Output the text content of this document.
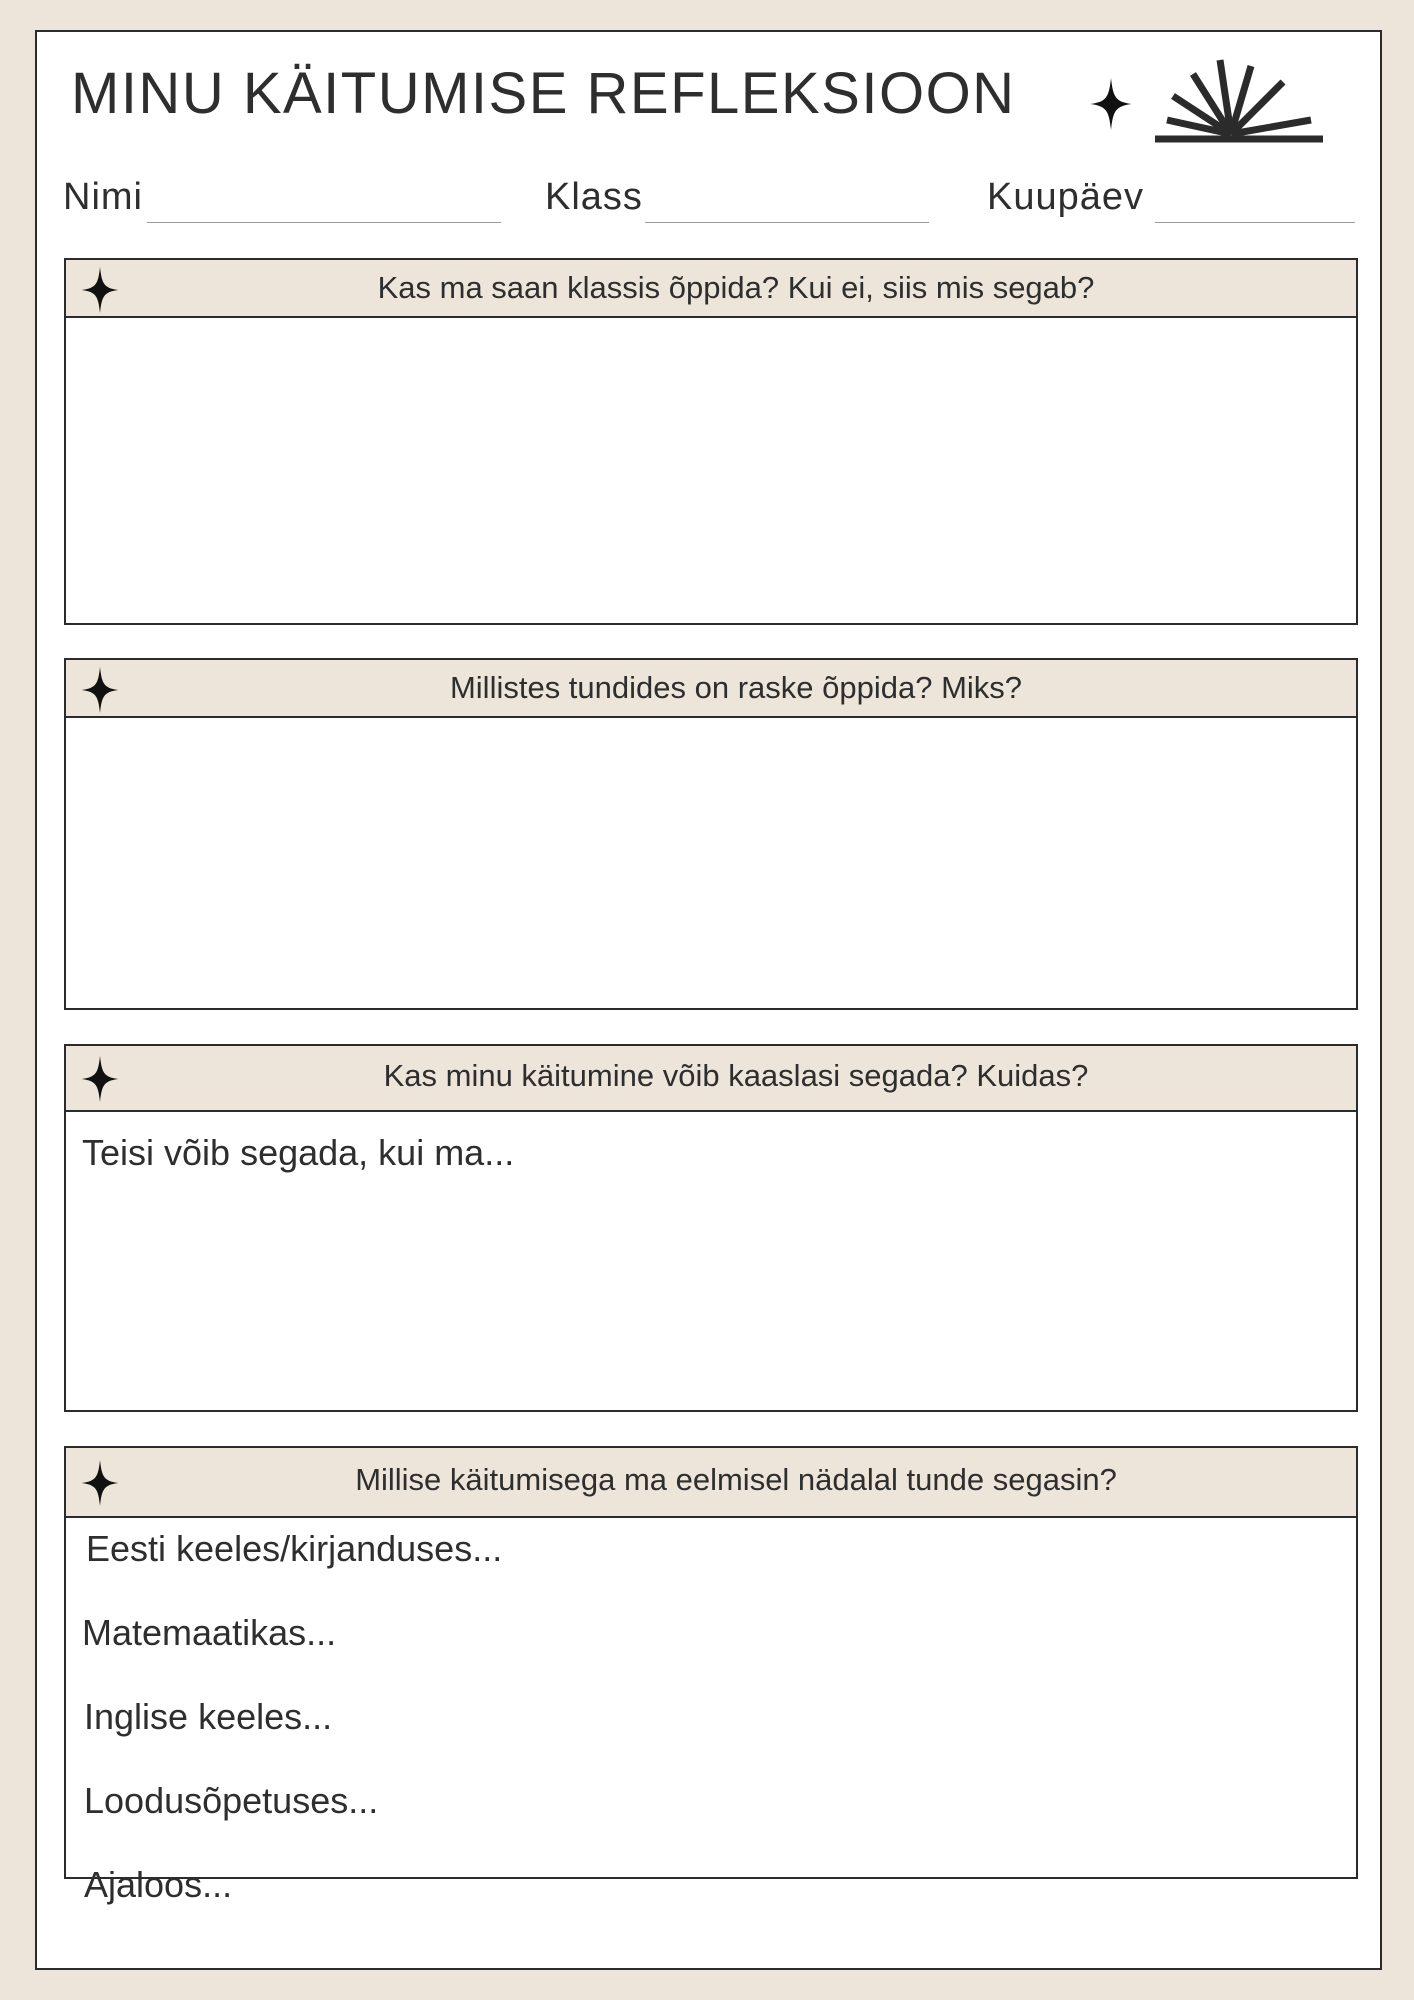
MINU KÄITUMISE REFLEKSIOON
Nimi	Klass	Kuupäev
Kas ma saan klassis õppida? Kui ei, siis mis segab?
Millistes tundides on raske õppida? Miks?
Kas minu käitumine võib kaaslasi segada? Kuidas?
Teisi võib segada, kui ma...
Millise käitumisega ma eelmisel nädalal tunde segasin?
Eesti keeles/kirjanduses...
Matemaatikas...
Inglise keeles...
Loodusõpetuses...
Ajaloos...
